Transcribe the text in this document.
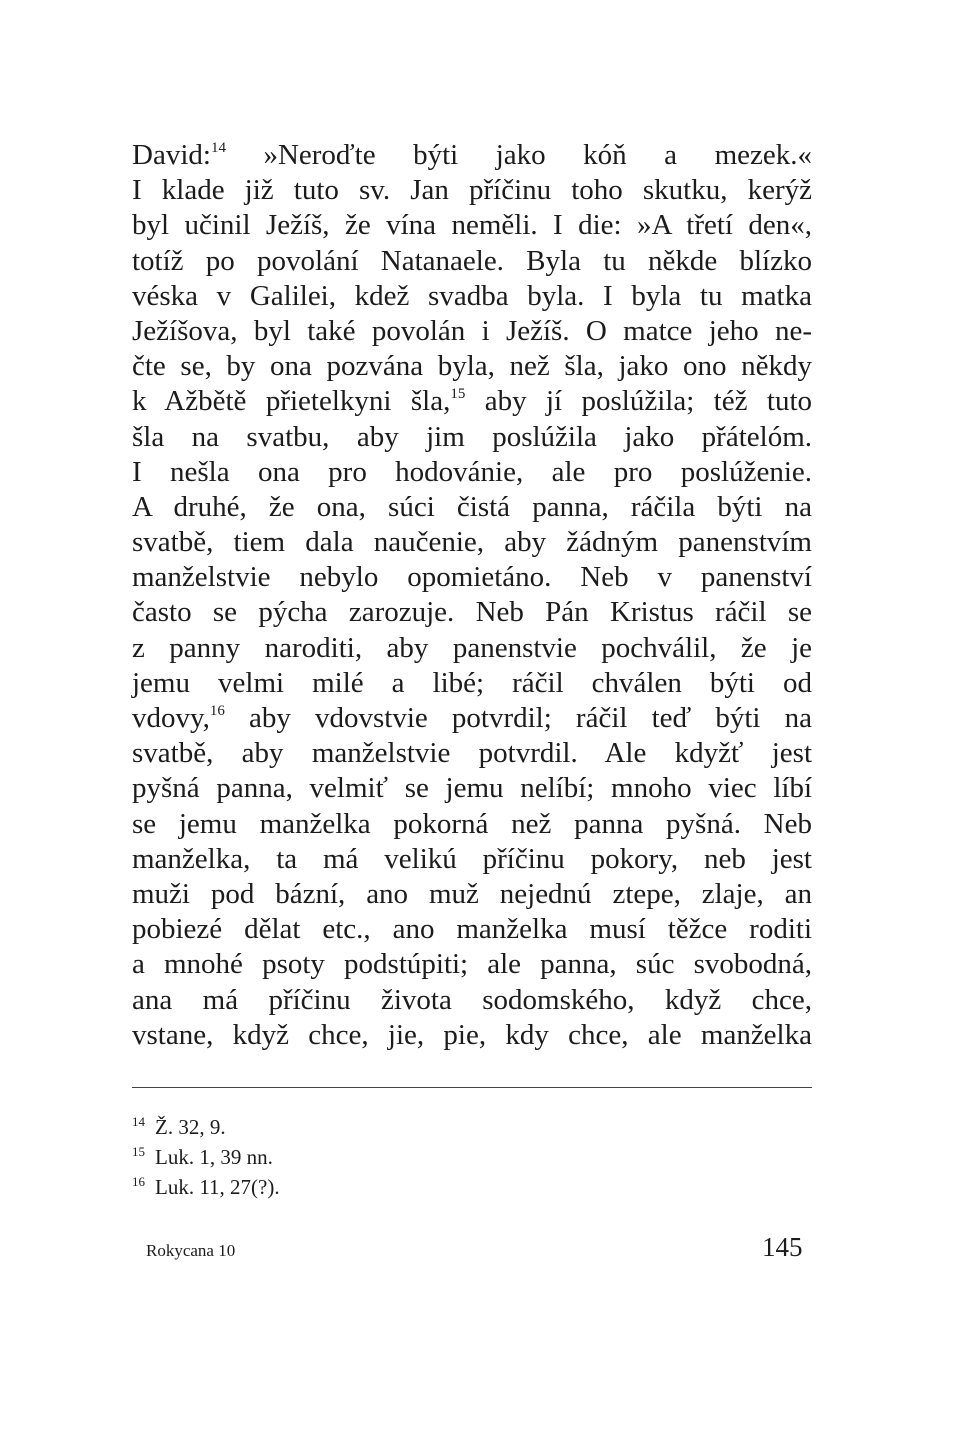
David:$^{14}$ »Neroďte býti jako kóň a mezek.«
I klade již tuto sv. Jan příčinu toho skutku, kerýž
byl učinil Ježíš, že vína neměli. I die: »A třetí den«,
totíž po povolání Natanaele. Byla tu někde blízko
véska v Galilei, kdež svadba byla. I byla tu matka
Ježíšova, byl také povolán i Ježíš. O matce jeho ne-
čte se, by ona pozvána byla, než šla, jako ono někdy
k Ažbětě přietelkyni šla,$^{15}$ aby jí poslúžila; též tuto
šla na svatbu, aby jim poslúžila jako přátelóm.
I nešla ona pro hodovánie, ale pro poslúženie.
A druhé, že ona, súci čistá panna, ráčila býti na
svatbě, tiem dala naučenie, aby žádným panenstvím
manželstvie nebylo opomietáno. Neb v panenství
často se pýcha zarozuje. Neb Pán Kristus ráčil se
z panny naroditi, aby panenstvie pochválil, že je
jemu velmi milé a libé; ráčil chválen býti od
vdovy,$^{16}$ aby vdovstvie potvrdil; ráčil teď býti na
svatbě, aby manželstvie potvrdil. Ale kdyžť jest
pyšná panna, velmiť se jemu nelíbí; mnoho viec líbí
se jemu manželka pokorná než panna pyšná. Neb
manželka, ta má velikú příčinu pokory, neb jest
muži pod bázní, ano muž nejednú ztepe, zlaje, an
pobiezé dělat etc., ano manželka musí těžce roditi
a mnohé psoty podstúpiti; ale panna, súc svobodná,
ana má příčinu života sodomského, když chce,
vstane, když chce, jie, pie, kdy chce, ale manželka
$^{14}$ Ž. 32, 9.
$^{15}$ Luk. 1, 39 nn.
$^{16}$ Luk. 11, 27(?).
Rokycana 10	145
